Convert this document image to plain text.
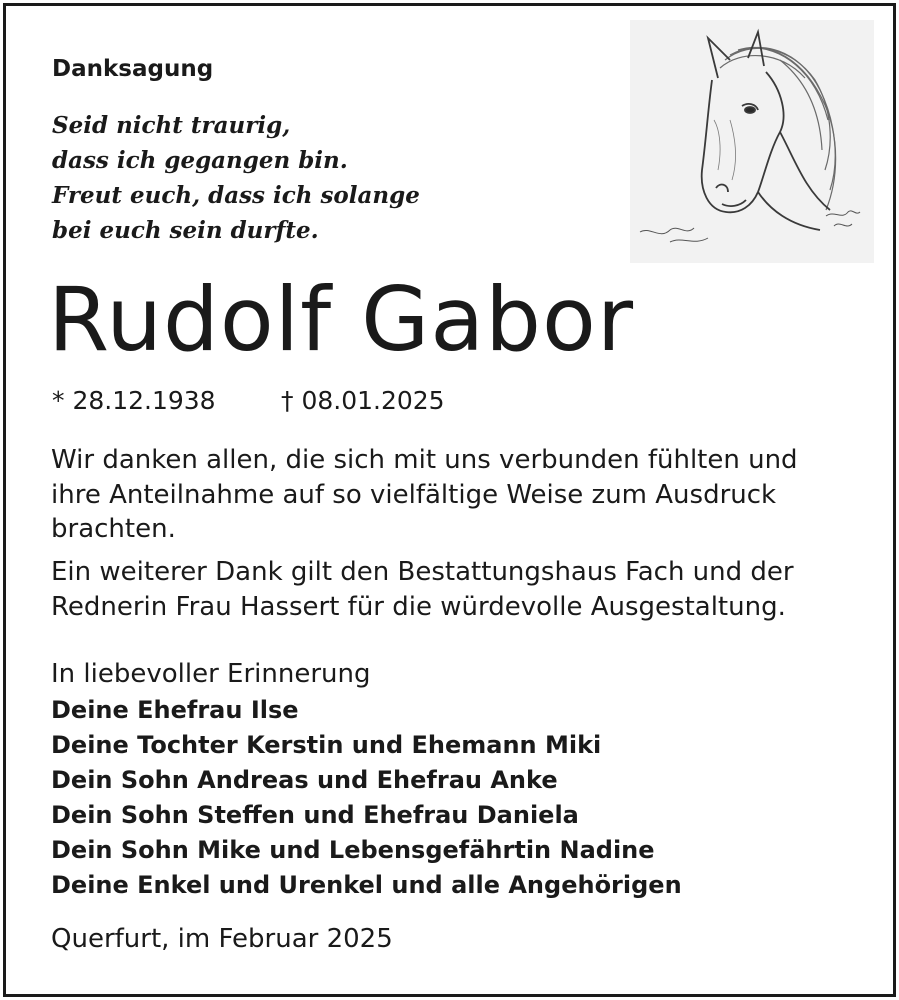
Danksagung
Seid nicht traurig,
dass ich gegangen bin.
Freut euch, dass ich solange
bei euch sein durfte.
Rudolf Gabor
* 28.12.1938	† 08.01.2025
Wir danken allen, die sich mit uns verbunden fühlten und
ihre Anteilnahme auf so vielfältige Weise zum Ausdruck
brachten.
Ein weiterer Dank gilt den Bestattungshaus Fach und der
Rednerin Frau Hassert für die würdevolle Ausgestaltung.
In liebevoller Erinnerung
Deine Ehefrau Ilse
Deine Tochter Kerstin und Ehemann Miki
Dein Sohn Andreas und Ehefrau Anke
Dein Sohn Steffen und Ehefrau Daniela
Dein Sohn Mike und Lebensgefährtin Nadine
Deine Enkel und Urenkel und alle Angehörigen
Querfurt, im Februar 2025
